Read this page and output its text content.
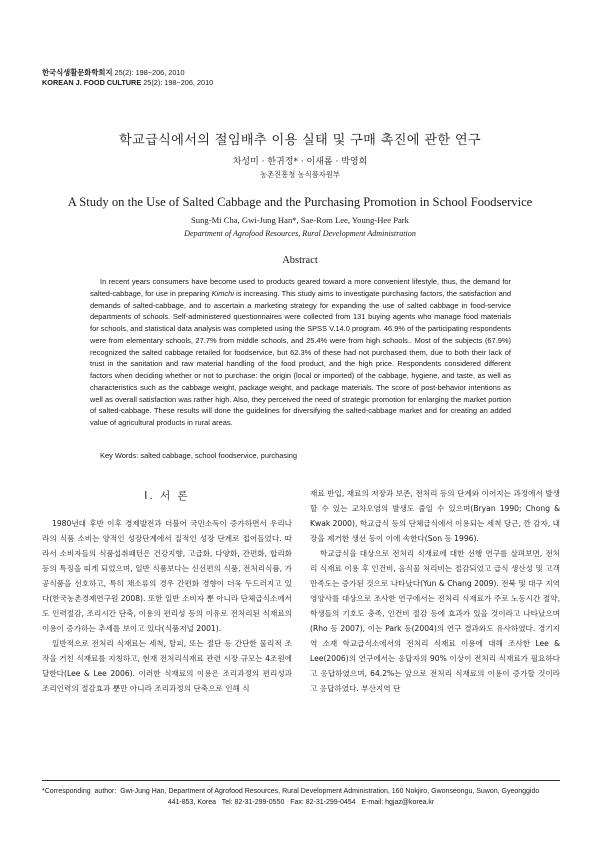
한국식생활문화학회지 25(2): 198~206, 2010
KOREAN J. FOOD CULTURE 25(2): 198~206, 2010
학교급식에서의 절임배추 이용 실태 및 구매 촉진에 관한 연구
차성미 · 한귀정* · 이새롬 · 박영희
농촌진흥청 농식품자원부
A Study on the Use of Salted Cabbage and the Purchasing Promotion in School Foodservice
Sung-Mi Cha, Gwi-Jung Han*, Sae-Rom Lee, Young-Hee Park
Department of Agrofood Resources, Rural Development Administration
Abstract
In recent years consumers have become used to products geared toward a more convenient lifestyle, thus, the demand for salted-cabbage, for use in preparing Kimchi is increasing. This study aims to investigate purchasing factors, the satisfaction and demands of salted-cabbage, and to ascertain a marketing strategy for expanding the use of salted cabbage in food-service departments of schools. Self-administered questionnaires were collected from 131 buying agents who manage food materials for schools, and statistical data analysis was completed using the SPSS V.14.0 program. 46.9% of the participating respondents were from elementary schools, 27.7% from middle schools, and 25.4% were from high schools.. Most of the subjects (67.9%) recognized the salted cabbage retailed for foodservice, but 62.3% of these had not purchased them, due to both their lack of trust in the sanitation and raw material handling of the food product, and the high price. Respondents considered different factors when deciding whether or not to purchase: the origin (local or imported) of the cabbage, hygiene, and taste, as well as characteristics such as the cabbage weight, package weight, and package materials. The score of post-behavior intentions as well as overall satisfaction was rather high. Also, they perceived the need of strategic promotion for enlarging the market portion of salted-cabbage. These results will done the guidelines for diversifying the salted-cabbage market and for creating an added value of agricultural products in rural areas.
Key Words: salted cabbage, school foodservice, purchasing
I. 서 론

1980년대 후반 이후 경제발전과 더불어 국민소득이 증가하면서 우리나라의 식품 소비는 양적인 성장단계에서 질적인 성장 단계로 접어들었다. 따라서 소비자들의 식품섭취패턴은 건강지향, 고급화, 다양화, 간편화, 합리화 등의 특징을 띠게 되었으며, 일반 식품보다는 신선편의 식품, 전처리식품, 가공식품을 선호하고, 특히 채소류의 경우 간편화 경향이 더욱 두드러지고 있다(한국농촌경제연구원 2008). 또한 일반 소비자 뿐 아니라 단체급식소에서도 인력절감, 조리시간 단축, 이용의 편리성 등의 이유로 전처리된 식재료의 이용이 증가하는 추세를 보이고 있다(식품저널 2001).

일반적으로 전처리 식재료는 세척, 탈피, 또는 절단 등 간단한 물리적 조작을 거친 식재료를 지칭하고, 현재 전처리식재료 관련 시장 규모는 4조원에 달한다(Lee & Lee 2006). 이러한 식재료의 이용은 조리과정의 편리성과 조리인력의 절감효과 뿐만 아니라 조리과정의 단축으로 인해 식

재료 반입, 재료의 저장과 보존, 전처리 등의 단계와 이어지는 과정에서 발생할 수 있는 교차오염의 발생도 줄일 수 있으며(Bryan 1990; Chong & Kwak 2000), 학교급식 등의 단체급식에서 이용되는 세척 당근, 깐 감자, 내장을 제거한 생선 등이 이에 속한다(Son 등 1996).

학교급식을 대상으로 전처리 식재료에 대한 선행 연구를 살펴보면, 전처리 식재료 이용 후 인건비, 음식물 처리비는 절감되었고 급식 생산성 및 고객 만족도는 증가된 것으로 나타났다(Yun & Chang 2009). 전북 및 대구 지역 영양사를 대상으로 조사한 연구에서는 전처리 식재료가 주로 노동시간 절약, 학생들의 기호도 충족, 인건비 절감 등에 효과가 있을 것이라고 나타났으며(Rho 등 2007), 이는 Park 등(2004)의 연구 결과와도 유사하였다. 경기지역 소재 학교급식소에서의 전처리 식재료 이용에 대해 조사한 Lee & Lee(2006)의 연구에서는 응답자의 90% 이상이 전처리 식재료가 필요하다고 응답하였으며, 64.2%는 앞으로 전처리 식재료의 이용이 증가할 것이라고 응답하였다. 부산지역 단

*Corresponding  author:  Gwi-Jung Han, Department of Agrofood Resources, Rural Development Administration, 160 Nokjiro, Gwonseongu, Suwon, Gyeonggido
441-853, Korea   Tel: 82-31-299-0550   Fax: 82-31-299-0454   E-mail: hgjaz@korea.kr
